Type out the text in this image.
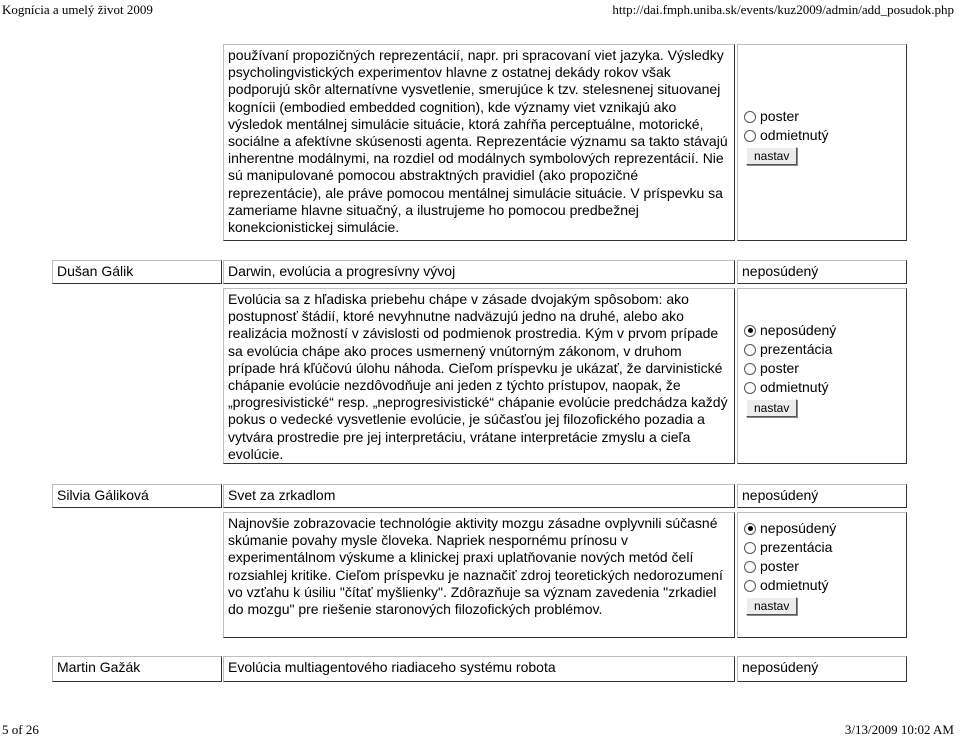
Kognícia a umelý život 2009	http://dai.fmph.uniba.sk/events/kuz2009/admin/add_posudok.php
používaní propozičných reprezentácií, napr. pri spracovaní viet jazyka. Výsledky psycholingvistických experimentov hlavne z ostatnej dekády rokov však podporujú skôr alternatívne vysvetlenie, smerujúce k tzv. stelesnenej situovanej kognícii (embodied embedded cognition), kde významy viet vznikajú ako výsledok mentálnej simulácie situácie, ktorá zahŕňa perceptuálne, motorické, sociálne a afektívne skúsenosti agenta. Reprezentácie významu sa takto stávajú inherentne modálnymi, na rozdiel od modálnych symbolových reprezentácií. Nie sú manipulované pomocou abstraktných pravidiel (ako propozičné reprezentácie), ale práve pomocou mentálnej simulácie situácie. V príspevku sa zameriame hlavne situačný, a ilustrujeme ho pomocou predbežnej konekcionistickej simulácie.
poster
odmietnutý
nastav
Dušan Gálik	Darwin, evolúcia a progresívny vývoj	neposúdený
Evolúcia sa z hľadiska priebehu chápe v zásade dvojakým spôsobom: ako postupnosť štádií, ktoré nevyhnutne nadväzujú jedno na druhé, alebo ako realizácia možností v závislosti od podmienok prostredia. Kým v prvom prípade sa evolúcia chápe ako proces usmernený vnútorným zákonom, v druhom prípade hrá kľúčovú úlohu náhoda. Cieľom príspevku je ukázať, že darvinistické chápanie evolúcie nezdôvodňuje ani jeden z týchto prístupov, naopak, že „progresivistické“ resp. „neprogresivistické“ chápanie evolúcie predchádza každý pokus o vedecké vysvetlenie evolúcie, je súčasťou jej filozofického pozadia a vytvára prostredie pre jej interpretáciu, vrátane interpretácie zmyslu a cieľa evolúcie.
neposúdený
prezentácia
poster
odmietnutý
nastav
Silvia Gáliková	Svet za zrkadlom	neposúdený
Najnovšie zobrazovacie technológie aktivity mozgu zásadne ovplyvnili súčasné skúmanie povahy mysle človeka. Napriek nespornému prínosu v experimentálnom výskume a klinickej praxi uplatňovanie nových metód čelí rozsiahlej kritike. Cieľom príspevku je naznačiť zdroj teoretických nedorozumení vo vzťahu k úsiliu "čítať myšlienky". Zdôrazňuje sa význam zavedenia "zrkadiel do mozgu" pre riešenie staronových filozofických problémov.
neposúdený
prezentácia
poster
odmietnutý
nastav
Martin Gažák	Evolúcia multiagentového riadiaceho systému robota	neposúdený
5 of 26	3/13/2009 10:02 AM
